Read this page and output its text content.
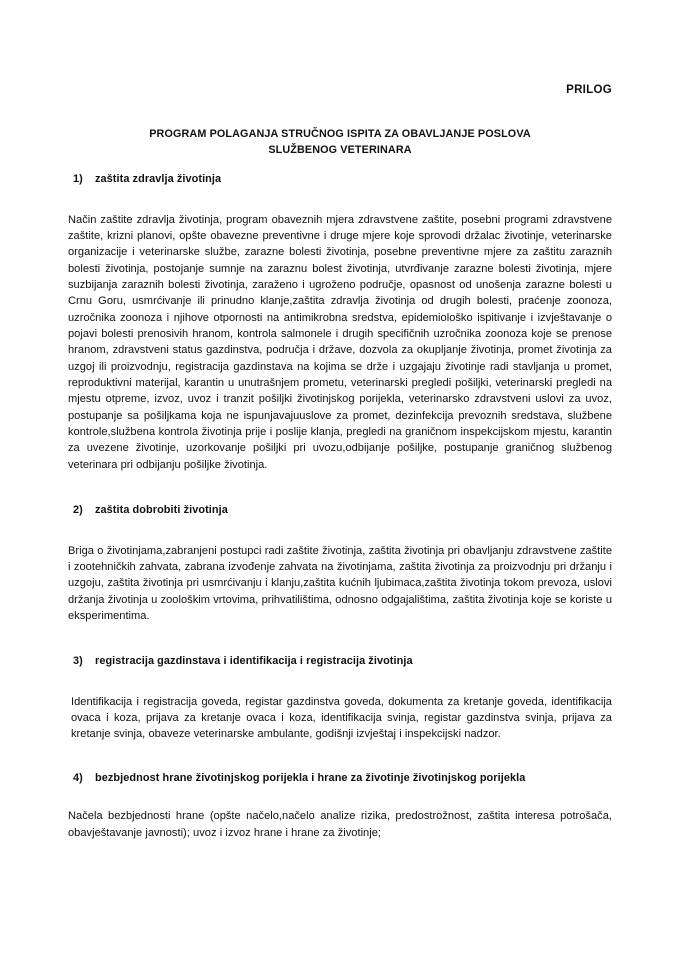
PRILOG
PROGRAM POLAGANJA STRUČNOG ISPITA ZA OBAVLJANJE POSLOVA
SLUŽBENOG VETERINARA

1) zaštita zdravlja životinja

Način zaštite zdravlja životinja, program obaveznih mjera zdravstvene zaštite, posebni programi zdravstvene zaštite, krizni planovi, opšte obavezne preventivne i druge mjere koje sprovodi držalac životinje, veterinarske organizacije i veterinarske službe, zarazne bolesti životinja, posebne preventivne mjere za zaštitu zaraznih bolesti životinja, postojanje sumnje na zaraznu bolest životinja, utvrđivanje zarazne bolesti životinja, mjere suzbijanja zaraznih bolesti životinja, zaraženo i ugroženo područje, opasnost od unošenja zarazne bolesti u Crnu Goru, usmrćivanje ili prinudno klanje,zaštita zdravlja životinja od drugih bolesti, praćenje zoonoza, uzročnika zoonoza i njihove otpornosti na antimikrobna sredstva, epidemiološko ispitivanje i izvještavanje o pojavi bolesti prenosivih hranom, kontrola salmonele i drugih specifičnih uzročnika zoonoza koje se prenose hranom, zdravstveni status gazdinstva, područja i države, dozvola za okupljanje životinja, promet životinja za uzgoj ili proizvodnju, registracija gazdinstava na kojima se drže i uzgajaju životinje radi stavljanja u promet, reproduktivni materijal, karantin u unutrašnjem prometu, veterinarski pregledi pošiljki, veterinarski pregledi na mjestu otpreme, izvoz, uvoz i tranzit pošiljki životinjskog porijekla, veterinarsko zdravstveni uslovi za uvoz, postupanje sa pošiljkama koja ne ispunjavajuuslove za promet, dezinfekcija prevoznih sredstava, službene kontrole,službena kontrola životinja prije i poslije klanja, pregledi na graničnom inspekcijskom mjestu, karantin za uvezene životinje, uzorkovanje pošiljki pri uvozu,odbijanje pošiljke, postupanje graničnog službenog veterinara pri odbijanju pošiljke životinja.

2) zaštita dobrobiti životinja

Briga o životinjama,zabranjeni postupci radi zaštite životinja, zaštita životinja pri obavljanju zdravstvene zaštite i zootehničkih zahvata, zabrana izvođenje zahvata na životinjama, zaštita životinja za proizvodnju pri držanju i uzgoju, zaštita životinja pri usmrćivanju i klanju,zaštita kućnih ljubimaca,zaštita životinja tokom prevoza, uslovi držanja životinja u zoološkim vrtovima, prihvatilištima, odnosno odgajalištima, zaštita životinja koje se koriste u eksperimentima.

3) registracija gazdinstava i identifikacija i registracija životinja

Identifikacija i registracija goveda, registar gazdinstva goveda, dokumenta za kretanje goveda, identifikacija ovaca i koza, prijava za kretanje ovaca i koza, identifikacija svinja, registar gazdinstva svinja, prijava za kretanje svinja, obaveze veterinarske ambulante, godišnji izvještaj i inspekcijski nadzor.

4) bezbjednost hrane životinjskog porijekla i hrane za životinje životinjskog porijekla

Načela bezbjednosti hrane (opšte načelo,načelo analize rizika, predostrožnost, zaštita interesa potrošača, obavještavanje javnosti); uvoz i izvoz hrane i hrane za životinje;
